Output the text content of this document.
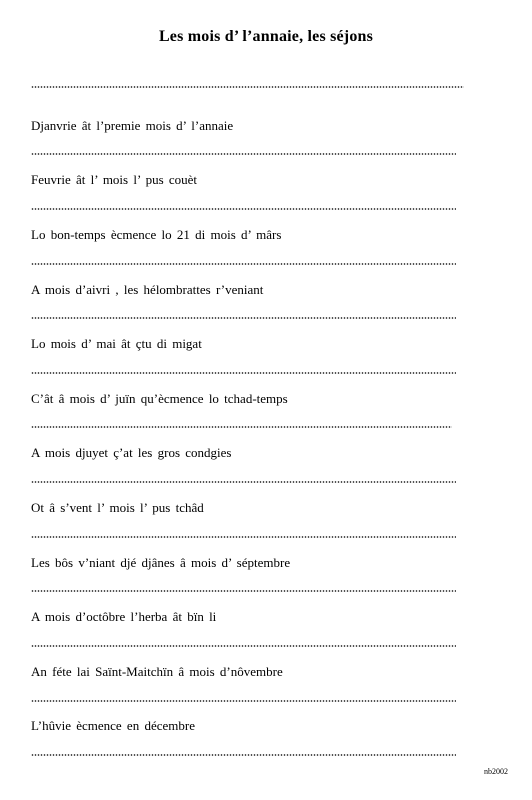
Les mois d’ l’annaie, les séjons
Djanvrie ât l’premie mois d’ l’annaie
Feuvrie ât l’ mois l’ pus couèt
Lo bon-temps ècmence lo 21 di mois d’ mârs
A mois d’aivri , les hélombrattes r’veniant
Lo mois d’ mai ât çtu di migat
C’ât â mois d’ juïn qu’ècmence lo tchad-temps
A mois djuyet ç’at les gros condgies
Ot â s’vent l’ mois l’ pus tchâd
Les bôs v’niant djé djânes â mois d’ séptembre
A mois d’octôbre l’herba ât bïn li
An féte lai Saïnt-Maitchïn â mois d’nôvembre
L’hûvie ècmence en décembre
nb2002
